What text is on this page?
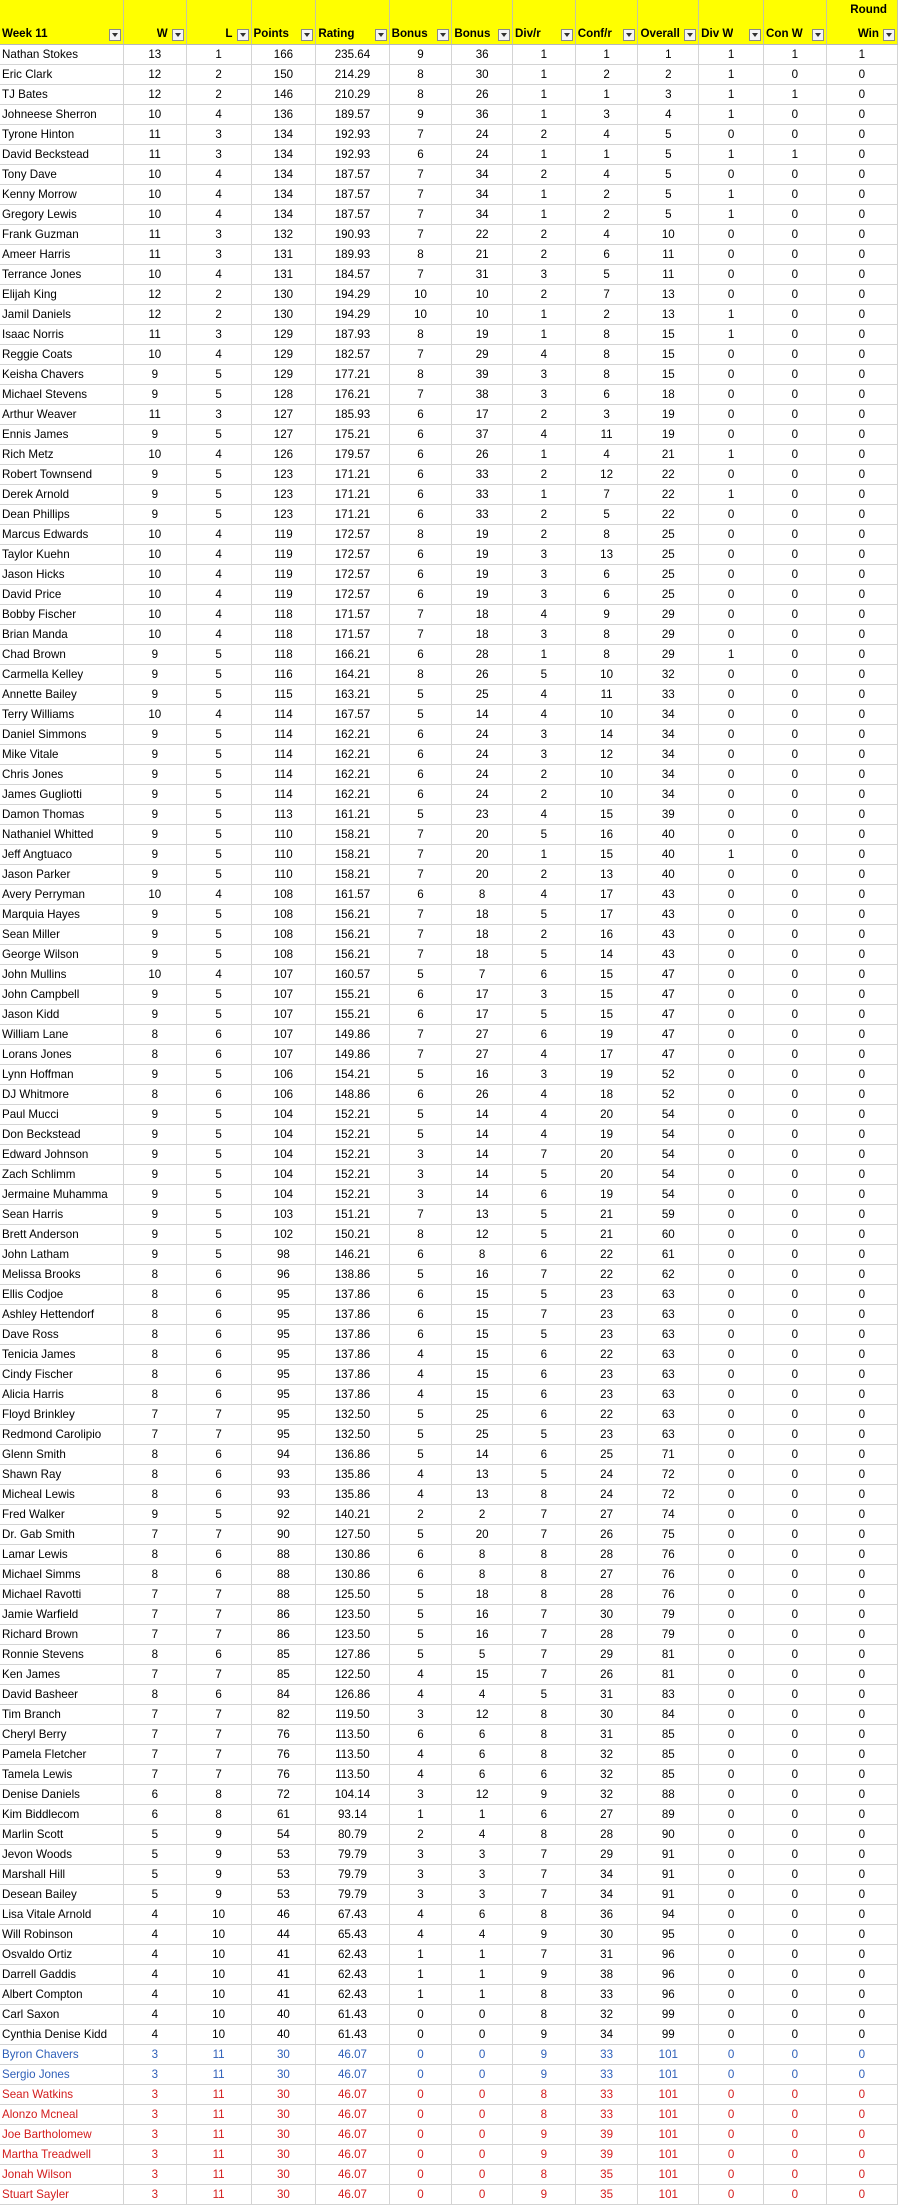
Week 11	W	L	Points	Rating	Bonus	Bonus	Div/r	Conf/r	Overall	Div W	Con W	Round
Win

Nathan Stokes	13	1	166	235.64	9	36	1	1	1	1	1	1
Eric Clark	12	2	150	214.29	8	30	1	2	2	1	0	0
TJ Bates	12	2	146	210.29	8	26	1	1	3	1	1	0
Johneese Sherron	10	4	136	189.57	9	36	1	3	4	1	0	0
Tyrone Hinton	11	3	134	192.93	7	24	2	4	5	0	0	0
David Beckstead	11	3	134	192.93	6	24	1	1	5	1	1	0
Tony Dave	10	4	134	187.57	7	34	2	4	5	0	0	0
Kenny Morrow	10	4	134	187.57	7	34	1	2	5	1	0	0
Gregory Lewis	10	4	134	187.57	7	34	1	2	5	1	0	0
Frank Guzman	11	3	132	190.93	7	22	2	4	10	0	0	0
Ameer Harris	11	3	131	189.93	8	21	2	6	11	0	0	0
Terrance Jones	10	4	131	184.57	7	31	3	5	11	0	0	0
Elijah King	12	2	130	194.29	10	10	2	7	13	0	0	0
Jamil Daniels	12	2	130	194.29	10	10	1	2	13	1	0	0
Isaac Norris	11	3	129	187.93	8	19	1	8	15	1	0	0
Reggie Coats	10	4	129	182.57	7	29	4	8	15	0	0	0
Keisha Chavers	9	5	129	177.21	8	39	3	8	15	0	0	0
Michael Stevens	9	5	128	176.21	7	38	3	6	18	0	0	0
Arthur Weaver	11	3	127	185.93	6	17	2	3	19	0	0	0
Ennis James	9	5	127	175.21	6	37	4	11	19	0	0	0
Rich Metz	10	4	126	179.57	6	26	1	4	21	1	0	0
Robert Townsend	9	5	123	171.21	6	33	2	12	22	0	0	0
Derek Arnold	9	5	123	171.21	6	33	1	7	22	1	0	0
Dean Phillips	9	5	123	171.21	6	33	2	5	22	0	0	0
Marcus Edwards	10	4	119	172.57	8	19	2	8	25	0	0	0
Taylor Kuehn	10	4	119	172.57	6	19	3	13	25	0	0	0
Jason Hicks	10	4	119	172.57	6	19	3	6	25	0	0	0
David Price	10	4	119	172.57	6	19	3	6	25	0	0	0
Bobby Fischer	10	4	118	171.57	7	18	4	9	29	0	0	0
Brian Manda	10	4	118	171.57	7	18	3	8	29	0	0	0
Chad Brown	9	5	118	166.21	6	28	1	8	29	1	0	0
Carmella Kelley	9	5	116	164.21	8	26	5	10	32	0	0	0
Annette Bailey	9	5	115	163.21	5	25	4	11	33	0	0	0
Terry Williams	10	4	114	167.57	5	14	4	10	34	0	0	0
Daniel Simmons	9	5	114	162.21	6	24	3	14	34	0	0	0
Mike Vitale	9	5	114	162.21	6	24	3	12	34	0	0	0
Chris Jones	9	5	114	162.21	6	24	2	10	34	0	0	0
James Gugliotti	9	5	114	162.21	6	24	2	10	34	0	0	0
Damon Thomas	9	5	113	161.21	5	23	4	15	39	0	0	0
Nathaniel Whitted	9	5	110	158.21	7	20	5	16	40	0	0	0
Jeff Angtuaco	9	5	110	158.21	7	20	1	15	40	1	0	0
Jason Parker	9	5	110	158.21	7	20	2	13	40	0	0	0
Avery Perryman	10	4	108	161.57	6	8	4	17	43	0	0	0
Marquia Hayes	9	5	108	156.21	7	18	5	17	43	0	0	0
Sean Miller	9	5	108	156.21	7	18	2	16	43	0	0	0
George Wilson	9	5	108	156.21	7	18	5	14	43	0	0	0
John Mullins	10	4	107	160.57	5	7	6	15	47	0	0	0
John Campbell	9	5	107	155.21	6	17	3	15	47	0	0	0
Jason Kidd	9	5	107	155.21	6	17	5	15	47	0	0	0
William Lane	8	6	107	149.86	7	27	6	19	47	0	0	0
Lorans Jones	8	6	107	149.86	7	27	4	17	47	0	0	0
Lynn Hoffman	9	5	106	154.21	5	16	3	19	52	0	0	0
DJ Whitmore	8	6	106	148.86	6	26	4	18	52	0	0	0
Paul Mucci	9	5	104	152.21	5	14	4	20	54	0	0	0
Don Beckstead	9	5	104	152.21	5	14	4	19	54	0	0	0
Edward Johnson	9	5	104	152.21	3	14	7	20	54	0	0	0
Zach Schlimm	9	5	104	152.21	3	14	5	20	54	0	0	0
Jermaine Muhamma	9	5	104	152.21	3	14	6	19	54	0	0	0
Sean Harris	9	5	103	151.21	7	13	5	21	59	0	0	0
Brett Anderson	9	5	102	150.21	8	12	5	21	60	0	0	0
John Latham	9	5	98	146.21	6	8	6	22	61	0	0	0
Melissa Brooks	8	6	96	138.86	5	16	7	22	62	0	0	0
Ellis Codjoe	8	6	95	137.86	6	15	5	23	63	0	0	0
Ashley Hettendorf	8	6	95	137.86	6	15	7	23	63	0	0	0
Dave Ross	8	6	95	137.86	6	15	5	23	63	0	0	0
Tenicia James	8	6	95	137.86	4	15	6	22	63	0	0	0
Cindy Fischer	8	6	95	137.86	4	15	6	23	63	0	0	0
Alicia Harris	8	6	95	137.86	4	15	6	23	63	0	0	0
Floyd Brinkley	7	7	95	132.50	5	25	6	22	63	0	0	0
Redmond Carolipio	7	7	95	132.50	5	25	5	23	63	0	0	0
Glenn Smith	8	6	94	136.86	5	14	6	25	71	0	0	0
Shawn Ray	8	6	93	135.86	4	13	5	24	72	0	0	0
Micheal Lewis	8	6	93	135.86	4	13	8	24	72	0	0	0
Fred Walker	9	5	92	140.21	2	2	7	27	74	0	0	0
Dr. Gab Smith	7	7	90	127.50	5	20	7	26	75	0	0	0
Lamar Lewis	8	6	88	130.86	6	8	8	28	76	0	0	0
Michael Simms	8	6	88	130.86	6	8	8	27	76	0	0	0
Michael Ravotti	7	7	88	125.50	5	18	8	28	76	0	0	0
Jamie Warfield	7	7	86	123.50	5	16	7	30	79	0	0	0
Richard Brown	7	7	86	123.50	5	16	7	28	79	0	0	0
Ronnie Stevens	8	6	85	127.86	5	5	7	29	81	0	0	0
Ken James	7	7	85	122.50	4	15	7	26	81	0	0	0
David Basheer	8	6	84	126.86	4	4	5	31	83	0	0	0
Tim Branch	7	7	82	119.50	3	12	8	30	84	0	0	0
Cheryl Berry	7	7	76	113.50	6	6	8	31	85	0	0	0
Pamela Fletcher	7	7	76	113.50	4	6	8	32	85	0	0	0
Tamela Lewis	7	7	76	113.50	4	6	6	32	85	0	0	0
Denise Daniels	6	8	72	104.14	3	12	9	32	88	0	0	0
Kim Biddlecom	6	8	61	93.14	1	1	6	27	89	0	0	0
Marlin Scott	5	9	54	80.79	2	4	8	28	90	0	0	0
Jevon Woods	5	9	53	79.79	3	3	7	29	91	0	0	0
Marshall Hill	5	9	53	79.79	3	3	7	34	91	0	0	0
Desean Bailey	5	9	53	79.79	3	3	7	34	91	0	0	0
Lisa Vitale Arnold	4	10	46	67.43	4	6	8	36	94	0	0	0
Will Robinson	4	10	44	65.43	4	4	9	30	95	0	0	0
Osvaldo Ortiz	4	10	41	62.43	1	1	7	31	96	0	0	0
Darrell Gaddis	4	10	41	62.43	1	1	9	38	96	0	0	0
Albert Compton	4	10	41	62.43	1	1	8	33	96	0	0	0
Carl Saxon	4	10	40	61.43	0	0	8	32	99	0	0	0
Cynthia Denise Kidd	4	10	40	61.43	0	0	9	34	99	0	0	0
Byron Chavers	3	11	30	46.07	0	0	9	33	101	0	0	0
Sergio Jones	3	11	30	46.07	0	0	9	33	101	0	0	0
Sean Watkins	3	11	30	46.07	0	0	8	33	101	0	0	0
Alonzo Mcneal	3	11	30	46.07	0	0	8	33	101	0	0	0
Joe Bartholomew	3	11	30	46.07	0	0	9	39	101	0	0	0
Martha Treadwell	3	11	30	46.07	0	0	9	39	101	0	0	0
Jonah Wilson	3	11	30	46.07	0	0	8	35	101	0	0	0
Stuart Sayler	3	11	30	46.07	0	0	9	35	101	0	0	0
